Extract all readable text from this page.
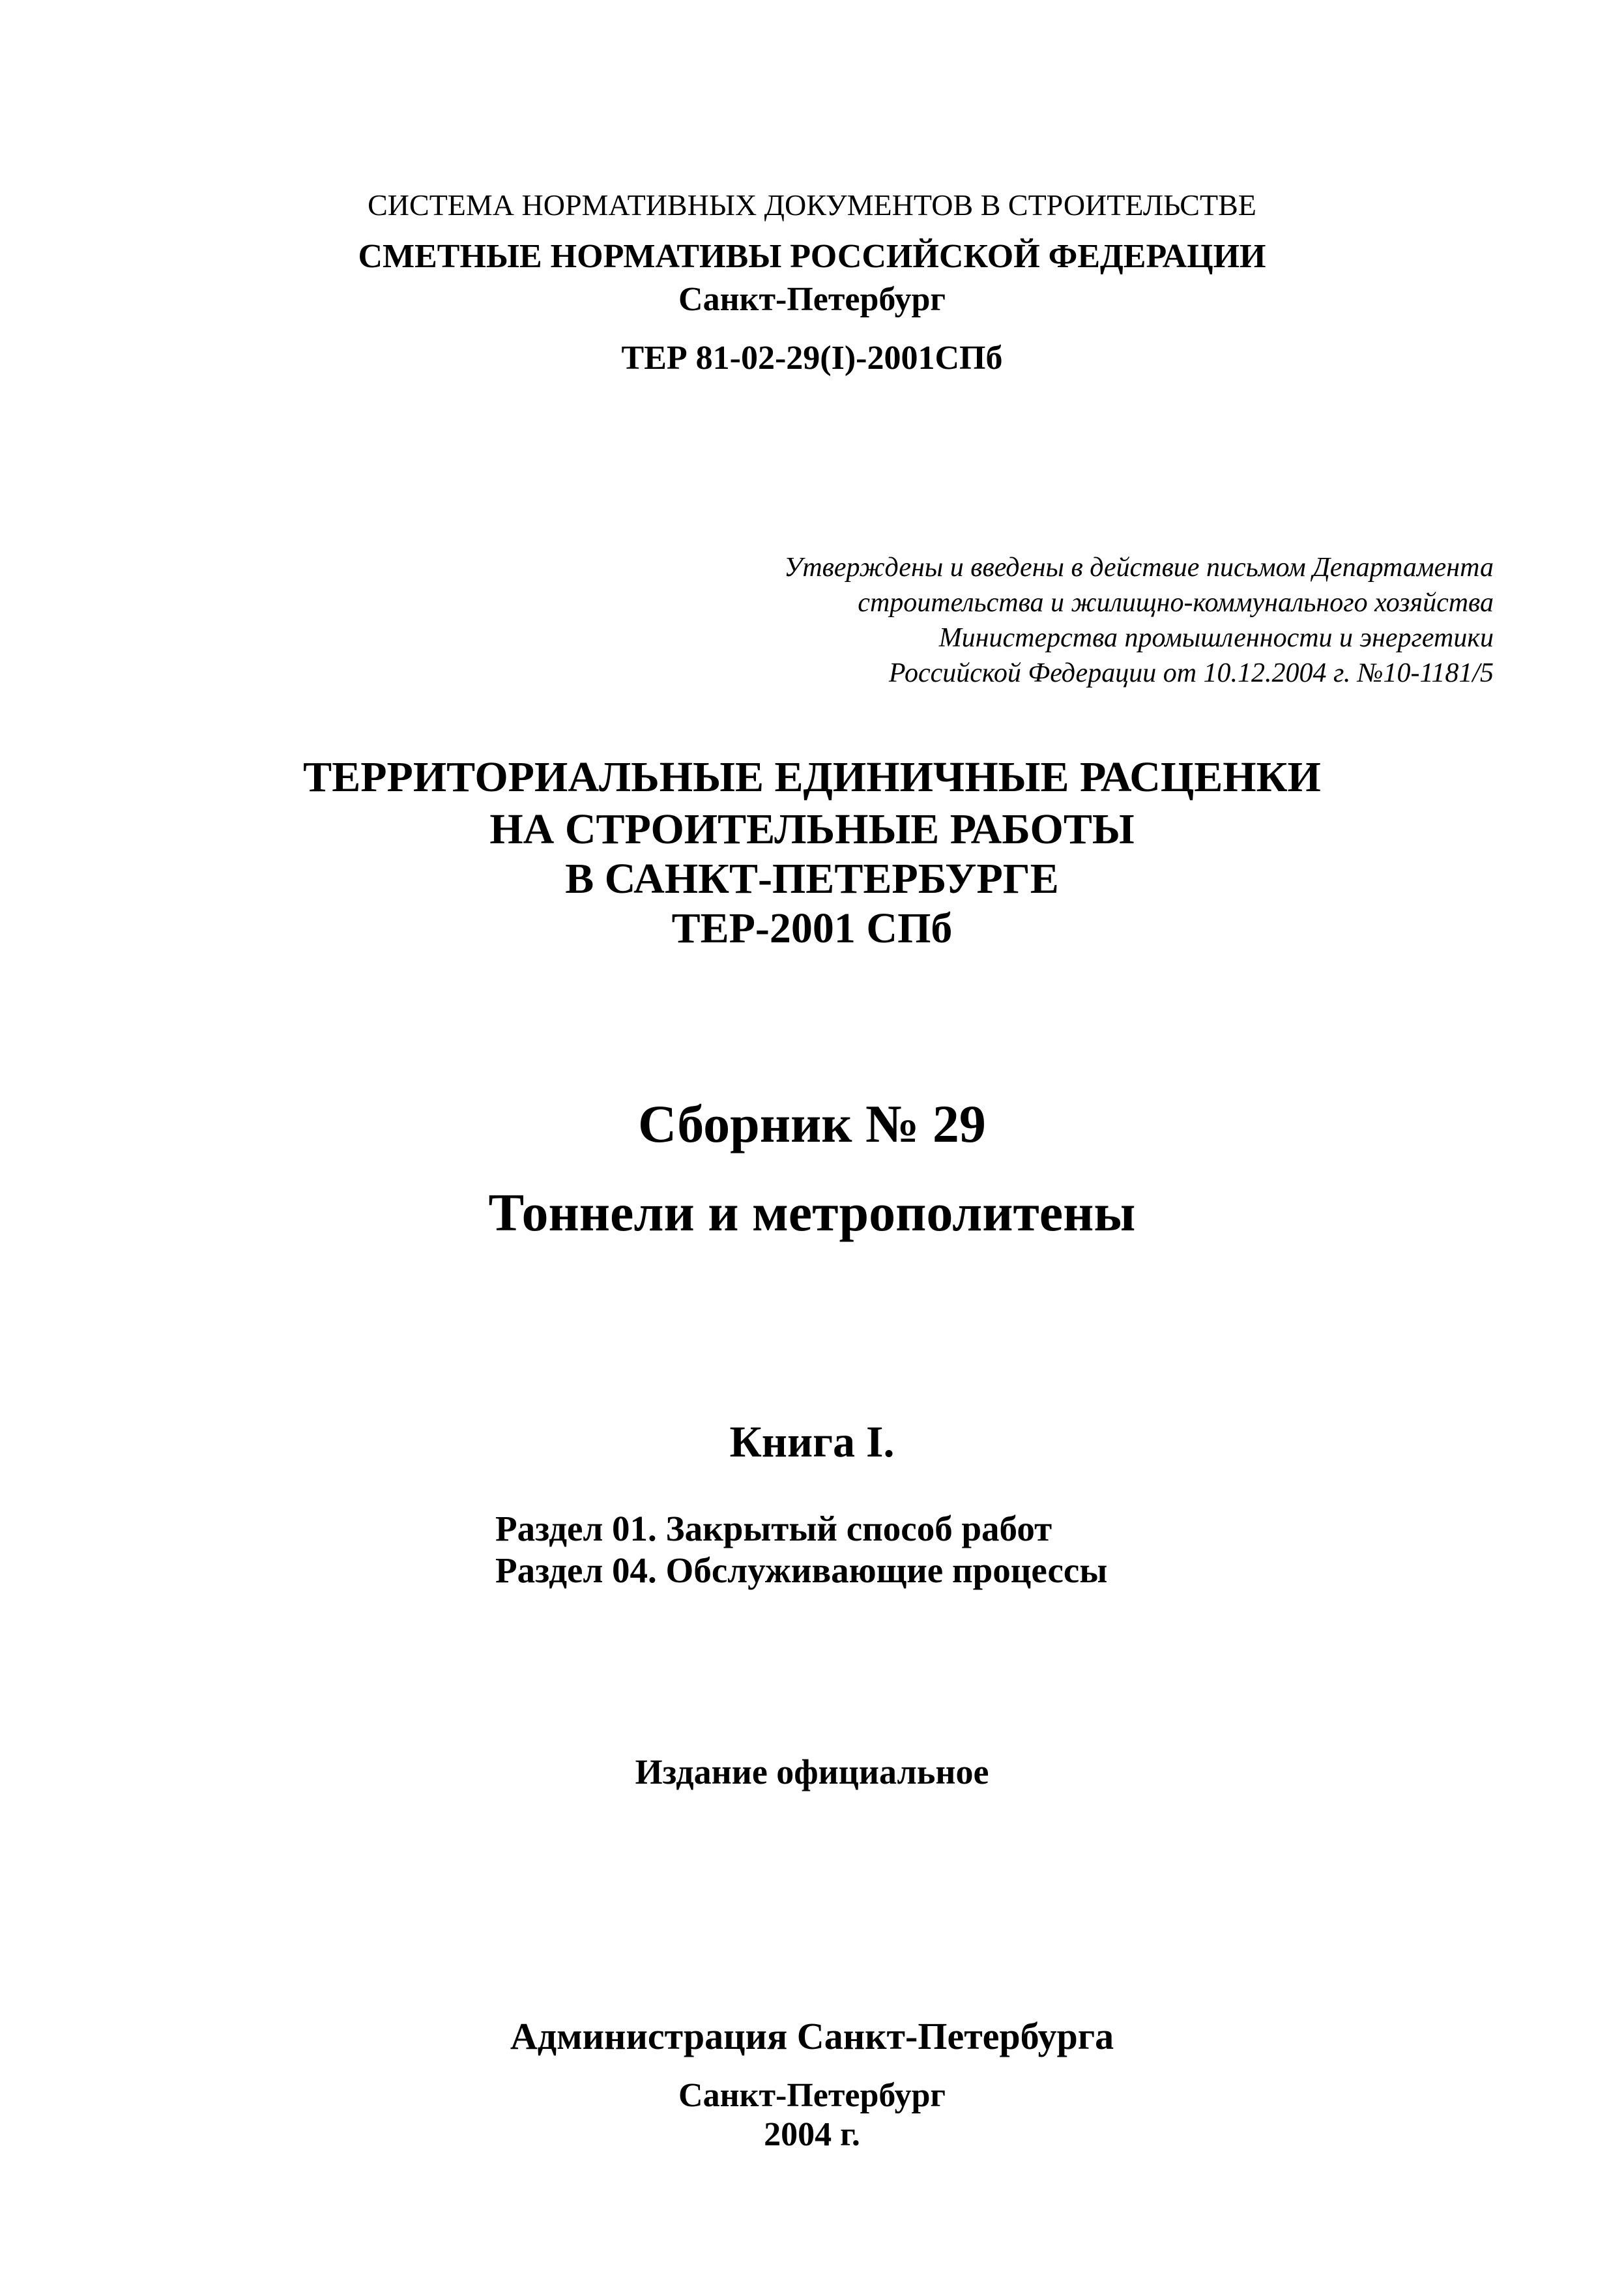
СИСТЕМА НОРМАТИВНЫХ ДОКУМЕНТОВ В СТРОИТЕЛЬСТВЕ
СМЕТНЫЕ НОРМАТИВЫ РОССИЙСКОЙ ФЕДЕРАЦИИ
Санкт-Петербург
ТЕР 81-02-29(I)-2001СПб
Утверждены и введены в действие письмом Департамента
строительства и жилищно-коммунального хозяйства
Министерства промышленности и энергетики
Российской Федерации от 10.12.2004 г. №10-1181/5
ТЕРРИТОРИАЛЬНЫЕ ЕДИНИЧНЫЕ РАСЦЕНКИ
НА СТРОИТЕЛЬНЫЕ РАБОТЫ
В САНКТ-ПЕТЕРБУРГЕ
ТЕР-2001 СПб
Сборник № 29
Тоннели и метрополитены
Книга I.
Раздел 01. Закрытый способ работ
Раздел 04. Обслуживающие процессы
Издание официальное
Администрация Санкт-Петербурга
Санкт-Петербург
2004 г.
